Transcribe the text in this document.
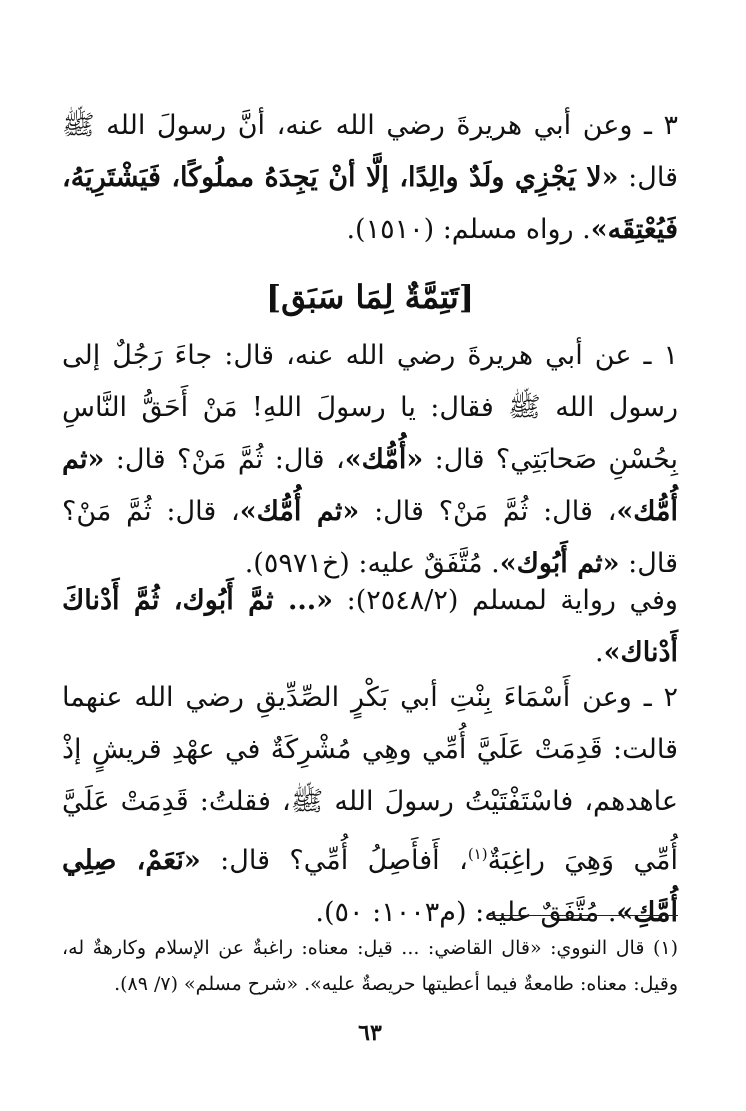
٣ ـ وعن أبي هريرةَ رضي الله عنه، أنَّ رسولَ الله ﷺ قال: «لا يَجْزِي ولَدٌ والِدًا، إلَّا أنْ يَجِدَهُ مملُوكًا، فَيَشْتَرِيَهُ، فَيُعْتِقَه». رواه مسلم: (١٥١٠).

[تَتِمَّةٌ لِمَا سَبَق]

١ ـ عن أبي هريرةَ رضي الله عنه، قال: جاءَ رَجُلٌ إلى رسول الله ﷺ فقال: يا رسولَ اللهِ! مَنْ أَحَقُّ النَّاسِ بِحُسْنِ صَحابَتِي؟ قال: «أُمُّك»، قال: ثُمَّ مَنْ؟ قال: «ثم أُمُّك»، قال: ثُمَّ مَنْ؟ قال: «ثم أُمُّك»، قال: ثُمَّ مَنْ؟ قال: «ثم أَبُوك». مُتَّفَقٌ عليه: (خ٥٩٧١).

وفي رواية لمسلم (٢٥٤٨/٢): «... ثمَّ أَبُوك، ثُمَّ أَدْناكَ أَدْناك».

٢ ـ وعن أَسْمَاءَ بِنْتِ أبي بَكْرٍ الصِّدِّيقِ رضي الله عنهما قالت: قَدِمَتْ عَلَيَّ أُمِّي وهِي مُشْرِكَةٌ في عهْدِ قريشٍ إذْ عاهدهم، فاسْتَفْتَيْتُ رسولَ الله ﷺ، فقلتُ: قَدِمَتْ عَلَيَّ أُمِّي وَهِيَ راغِبَةٌ$^{(١)}$، أَفأَصِلُ أُمِّي؟ قال: «نَعَمْ، صِلِي أُمَّكِ». مُتَّفَقٌ عليه: (م١٠٠٣: ٥٠).

(١) قال النووي: «قال القاضي: ... قيل: معناه: راغبةٌ عن الإسلام وكارهةٌ له، وقيل: معناه: طامعةٌ فيما أعطيتها حريصةٌ عليه». «شرح مسلم» (٧/ ٨٩).

٦٣
